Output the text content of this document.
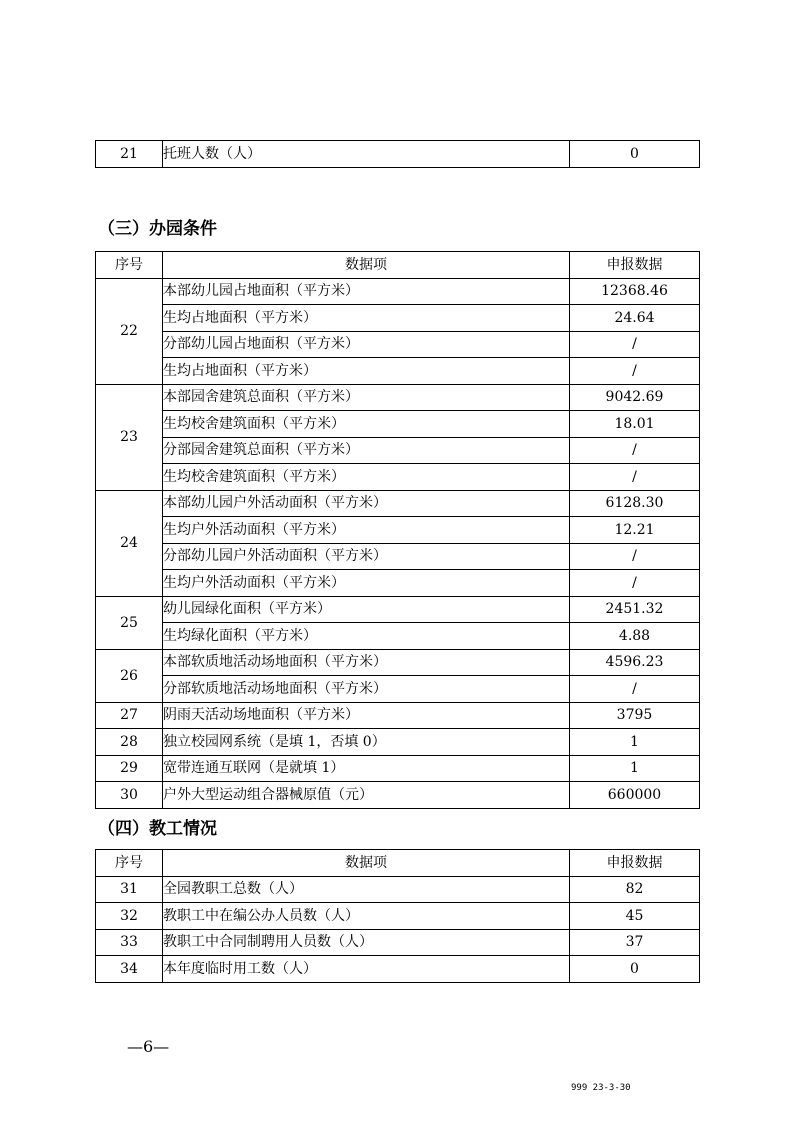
21	托班人数（人）	0
（三）办园条件
序号	数据项	申报数据
22	本部幼儿园占地面积（平方米）	12368.46
	生均占地面积（平方米）	24.64
	分部幼儿园占地面积（平方米）	/
	生均占地面积（平方米）	/
23	本部园舍建筑总面积（平方米）	9042.69
	生均校舍建筑面积（平方米）	18.01
	分部园舍建筑总面积（平方米）	/
	生均校舍建筑面积（平方米）	/
24	本部幼儿园户外活动面积（平方米）	6128.30
	生均户外活动面积（平方米）	12.21
	分部幼儿园户外活动面积（平方米）	/
	生均户外活动面积（平方米）	/
25	幼儿园绿化面积（平方米）	2451.32
	生均绿化面积（平方米）	4.88
26	本部软质地活动场地面积（平方米）	4596.23
	分部软质地活动场地面积（平方米）	/
27	阴雨天活动场地面积（平方米）	3795
28	独立校园网系统（是填 1，否填 0）	1
29	宽带连通互联网（是就填 1）	1
30	户外大型运动组合器械原值（元）	660000
（四）教工情况
序号	数据项	申报数据
31	全园教职工总数（人）	82
32	教职工中在编公办人员数（人）	45
33	教职工中合同制聘用人员数（人）	37
34	本年度临时用工数（人）	0
—6—
999 23-3-30
